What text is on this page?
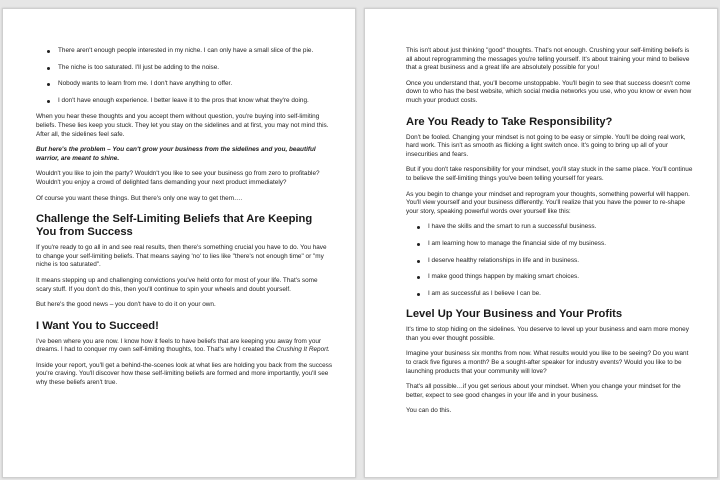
There aren't enough people interested in my niche. I can only have a small slice of the pie.
The niche is too saturated. I'll just be adding to the noise.
Nobody wants to learn from me. I don't have anything to offer.
I don't have enough experience. I better leave it to the pros that know what they're doing.

When you hear these thoughts and you accept them without question, you're buying into self-limiting beliefs. These lies keep you stuck. They let you stay on the sidelines and at first, you may not mind this. After all, the sidelines feel safe.

But here's the problem – You can't grow your business from the sidelines and you, beautiful warrior, are meant to shine.

Wouldn't you like to join the party? Wouldn't you like to see your business go from zero to profitable? Wouldn't you enjoy a crowd of delighted fans demanding your next product immediately?

Of course you want these things. But there's only one way to get them….

Challenge the Self-Limiting Beliefs that Are Keeping You from Success

If you're ready to go all in and see real results, then there's something crucial you have to do. You have to change your self-limiting beliefs. That means saying 'no' to lies like "there's not enough time" or "my niche is too saturated".

It means stepping up and challenging convictions you've held onto for most of your life. That's some scary stuff. If you don't do this, then you'll continue to spin your wheels and doubt yourself.

But here's the good news – you don't have to do it on your own.

I Want You to Succeed!

I've been where you are now. I know how it feels to have beliefs that are keeping you away from your dreams. I had to conquer my own self-limiting thoughts, too. That's why I created the Crushing It Report.

Inside your report, you'll get a behind-the-scenes look at what lies are holding you back from the success you're craving. You'll discover how these self-limiting beliefs are formed and more importantly, you'll see why these beliefs aren't true.

This isn't about just thinking "good" thoughts. That's not enough. Crushing your self-limiting beliefs is all about reprogramming the messages you're telling yourself. It's about training your mind to believe that a great business and a great life are absolutely possible for you!

Once you understand that, you'll become unstoppable. You'll begin to see that success doesn't come down to who has the best website, which social media networks you use, who you know or even how much your product costs.

Are You Ready to Take Responsibility?

Don't be fooled. Changing your mindset is not going to be easy or simple. You'll be doing real work, hard work. This isn't as smooth as flicking a light switch once. It's going to bring up all of your insecurities and fears.

But if you don't take responsibility for your mindset, you'll stay stuck in the same place. You'll continue to believe the self-limiting things you've been telling yourself for years.

As you begin to change your mindset and reprogram your thoughts, something powerful will happen. You'll view yourself and your business differently. You'll realize that you have the power to re-shape your story, speaking powerful words over yourself like this:

I have the skills and the smart to run a successful business.
I am learning how to manage the financial side of my business.
I deserve healthy relationships in life and in business.
I make good things happen by making smart choices.
I am as successful as I believe I can be.
Level Up Your Business and Your Profits

It's time to stop hiding on the sidelines. You deserve to level up your business and earn more money than you ever thought possible.

Imagine your business six months from now. What results would you like to be seeing? Do you want to crack five figures a month? Be a sought-after speaker for industry events? Would you like to be launching products that your community will love?

That's all possible…if you get serious about your mindset. When you change your mindset for the better, expect to see good changes in your life and in your business.

You can do this.
